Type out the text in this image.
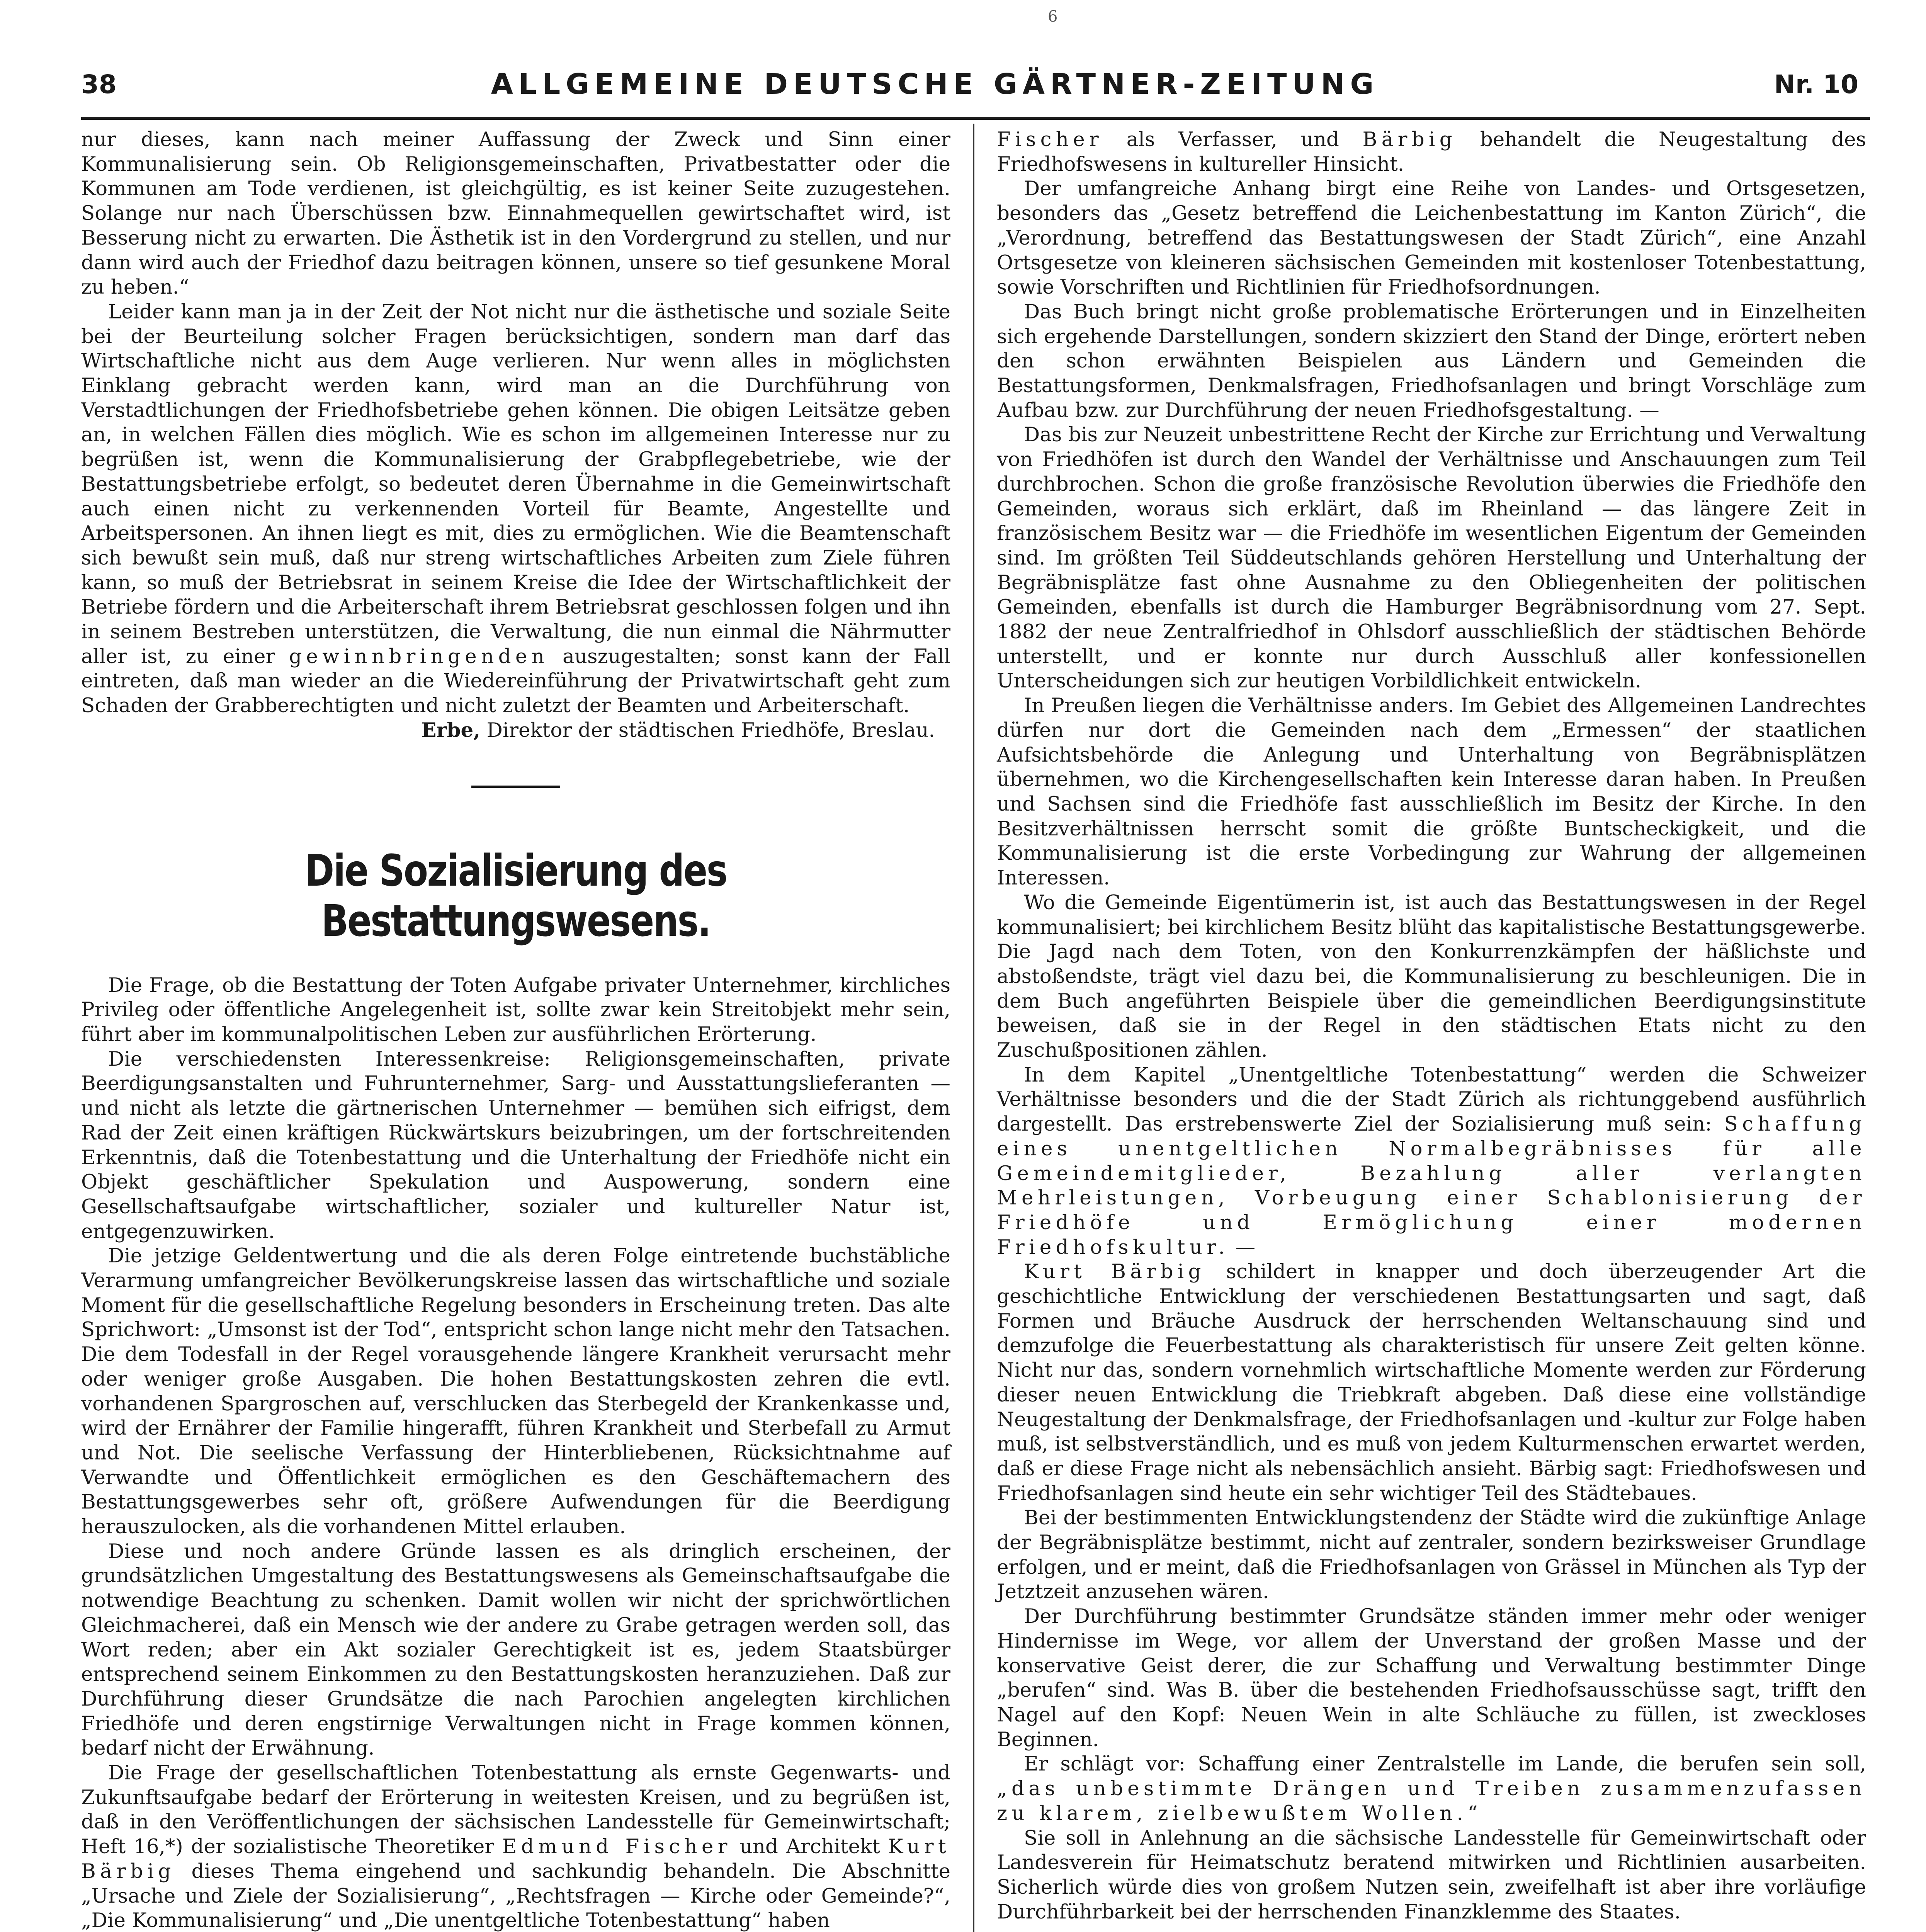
38	ALLGEMEINE DEUTSCHE GÄRTNER-ZEITUNG	Nr. 10

nur dieses, kann nach meiner Auffassung der Zweck und Sinn einer Kommunalisierung sein. Ob Religionsgemeinschaften, Privatbestatter oder die Kommunen am Tode verdienen, ist gleichgültig, es ist keiner Seite zuzugestehen. Solange nur nach Überschüssen bzw. Einnahmequellen gewirtschaftet wird, ist Besserung nicht zu erwarten. Die Ästhetik ist in den Vordergrund zu stellen, und nur dann wird auch der Friedhof dazu beitragen können, unsere so tief gesunkene Moral zu heben.“

Leider kann man ja in der Zeit der Not nicht nur die ästhetische und soziale Seite bei der Beurteilung solcher Fragen berücksichtigen, sondern man darf das Wirtschaftliche nicht aus dem Auge verlieren. Nur wenn alles in möglichsten Einklang gebracht werden kann, wird man an die Durchführung von Verstadtlichungen der Friedhofsbetriebe gehen können. Die obigen Leitsätze geben an, in welchen Fällen dies möglich. Wie es schon im allgemeinen Interesse nur zu begrüßen ist, wenn die Kommunalisierung der Grabpflegebetriebe, wie der Bestattungsbetriebe erfolgt, so bedeutet deren Übernahme in die Gemeinwirtschaft auch einen nicht zu verkennenden Vorteil für Beamte, Angestellte und Arbeitspersonen. An ihnen liegt es mit, dies zu ermöglichen. Wie die Beamtenschaft sich bewußt sein muß, daß nur streng wirtschaftliches Arbeiten zum Ziele führen kann, so muß der Betriebsrat in seinem Kreise die Idee der Wirtschaftlichkeit der Betriebe fördern und die Arbeiterschaft ihrem Betriebsrat geschlossen folgen und ihn in seinem Bestreben unterstützen, die Verwaltung, die nun einmal die Nährmutter aller ist, zu einer gewinnbringenden auszugestalten; sonst kann der Fall eintreten, daß man wieder an die Wiedereinführung der Privatwirtschaft geht zum Schaden der Grabberechtigten und nicht zuletzt der Beamten und Arbeiterschaft.

Erbe, Direktor der städtischen Friedhöfe, Breslau.

Die Sozialisierung des Bestattungswesens.

Die Frage, ob die Bestattung der Toten Aufgabe privater Unternehmer, kirchliches Privileg oder öffentliche Angelegenheit ist, sollte zwar kein Streitobjekt mehr sein, führt aber im kommunalpolitischen Leben zur ausführlichen Erörterung.

Die verschiedensten Interessenkreise: Religionsgemeinschaften, private Beerdigungsanstalten und Fuhrunternehmer, Sarg- und Ausstattungslieferanten — und nicht als letzte die gärtnerischen Unternehmer — bemühen sich eifrigst, dem Rad der Zeit einen kräftigen Rückwärtskurs beizubringen, um der fortschreitenden Erkenntnis, daß die Totenbestattung und die Unterhaltung der Friedhöfe nicht ein Objekt geschäftlicher Spekulation und Auspowerung, sondern eine Gesellschaftsaufgabe wirtschaftlicher, sozialer und kultureller Natur ist, entgegenzuwirken.

Die jetzige Geldentwertung und die als deren Folge eintretende buchstäbliche Verarmung umfangreicher Bevölkerungskreise lassen das wirtschaftliche und soziale Moment für die gesellschaftliche Regelung besonders in Erscheinung treten. Das alte Sprichwort: „Umsonst ist der Tod“, entspricht schon lange nicht mehr den Tatsachen. Die dem Todesfall in der Regel vorausgehende längere Krankheit verursacht mehr oder weniger große Ausgaben. Die hohen Bestattungskosten zehren die evtl. vorhandenen Spargroschen auf, verschlucken das Sterbegeld der Krankenkasse und, wird der Ernährer der Familie hingerafft, führen Krankheit und Sterbefall zu Armut und Not. Die seelische Verfassung der Hinterbliebenen, Rücksichtnahme auf Verwandte und Öffentlichkeit ermöglichen es den Geschäftemachern des Bestattungsgewerbes sehr oft, größere Aufwendungen für die Beerdigung herauszulocken, als die vorhandenen Mittel erlauben.

Diese und noch andere Gründe lassen es als dringlich erscheinen, der grundsätzlichen Umgestaltung des Bestattungswesens als Gemeinschaftsaufgabe die notwendige Beachtung zu schenken. Damit wollen wir nicht der sprichwörtlichen Gleichmacherei, daß ein Mensch wie der andere zu Grabe getragen werden soll, das Wort reden; aber ein Akt sozialer Gerechtigkeit ist es, jedem Staatsbürger entsprechend seinem Einkommen zu den Bestattungskosten heranzuziehen. Daß zur Durchführung dieser Grundsätze die nach Parochien angelegten kirchlichen Friedhöfe und deren engstirnige Verwaltungen nicht in Frage kommen können, bedarf nicht der Erwähnung.

Die Frage der gesellschaftlichen Totenbestattung als ernste Gegenwarts- und Zukunftsaufgabe bedarf der Erörterung in weitesten Kreisen, und zu begrüßen ist, daß in den Veröffentlichungen der sächsischen Landesstelle für Gemeinwirtschaft; Heft 16,*) der sozialistische Theoretiker Edmund Fischer und Architekt Kurt Bärbig dieses Thema eingehend und sachkundig behandeln. Die Abschnitte „Ursache und Ziele der Sozialisierung“, „Rechtsfragen — Kirche oder Gemeinde?“, „Die Kommunalisierung“ und „Die unentgeltliche Totenbestattung“ haben

Fischer als Verfasser, und Bärbig behandelt die Neugestaltung des Friedhofswesens in kultureller Hinsicht.

Der umfangreiche Anhang birgt eine Reihe von Landes- und Ortsgesetzen, besonders das „Gesetz betreffend die Leichenbestattung im Kanton Zürich“, die „Verordnung, betreffend das Bestattungswesen der Stadt Zürich“, eine Anzahl Ortsgesetze von kleineren sächsischen Gemeinden mit kostenloser Totenbestattung, sowie Vorschriften und Richtlinien für Friedhofsordnungen.

Das Buch bringt nicht große problematische Erörterungen und in Einzelheiten sich ergehende Darstellungen, sondern skizziert den Stand der Dinge, erörtert neben den schon erwähnten Beispielen aus Ländern und Gemeinden die Bestattungsformen, Denkmalsfragen, Friedhofsanlagen und bringt Vorschläge zum Aufbau bzw. zur Durchführung der neuen Friedhofsgestaltung. —

Das bis zur Neuzeit unbestrittene Recht der Kirche zur Errichtung und Verwaltung von Friedhöfen ist durch den Wandel der Verhältnisse und Anschauungen zum Teil durchbrochen. Schon die große französische Revolution überwies die Friedhöfe den Gemeinden, woraus sich erklärt, daß im Rheinland — das längere Zeit in französischem Besitz war — die Friedhöfe im wesentlichen Eigentum der Gemeinden sind. Im größten Teil Süddeutschlands gehören Herstellung und Unterhaltung der Begräbnisplätze fast ohne Ausnahme zu den Obliegenheiten der politischen Gemeinden, ebenfalls ist durch die Hamburger Begräbnisordnung vom 27. Sept. 1882 der neue Zentralfriedhof in Ohlsdorf ausschließlich der städtischen Behörde unterstellt, und er konnte nur durch Ausschluß aller konfessionellen Unterscheidungen sich zur heutigen Vorbildlichkeit entwickeln.

In Preußen liegen die Verhältnisse anders. Im Gebiet des Allgemeinen Landrechtes dürfen nur dort die Gemeinden nach dem „Ermessen“ der staatlichen Aufsichtsbehörde die Anlegung und Unterhaltung von Begräbnisplätzen übernehmen, wo die Kirchengesellschaften kein Interesse daran haben. In Preußen und Sachsen sind die Friedhöfe fast ausschließlich im Besitz der Kirche. In den Besitzverhältnissen herrscht somit die größte Buntscheckigkeit, und die Kommunalisierung ist die erste Vorbedingung zur Wahrung der allgemeinen Interessen.

Wo die Gemeinde Eigentümerin ist, ist auch das Bestattungswesen in der Regel kommunalisiert; bei kirchlichem Besitz blüht das kapitalistische Bestattungsgewerbe. Die Jagd nach dem Toten, von den Konkurrenzkämpfen der häßlichste und abstoßendste, trägt viel dazu bei, die Kommunalisierung zu beschleunigen. Die in dem Buch angeführten Beispiele über die gemeindlichen Beerdigungsinstitute beweisen, daß sie in der Regel in den städtischen Etats nicht zu den Zuschußpositionen zählen.

In dem Kapitel „Unentgeltliche Totenbestattung“ werden die Schweizer Verhältnisse besonders und die der Stadt Zürich als richtunggebend ausführlich dargestellt. Das erstrebenswerte Ziel der Sozialisierung muß sein: Schaffung eines unentgeltlichen Normalbegräbnisses für alle Gemeindemitglieder, Bezahlung aller verlangten Mehrleistungen, Vorbeugung einer Schablonisierung der Friedhöfe und Ermöglichung einer modernen Friedhofskultur. —

Kurt Bärbig schildert in knapper und doch überzeugender Art die geschichtliche Entwicklung der verschiedenen Bestattungsarten und sagt, daß Formen und Bräuche Ausdruck der herrschenden Weltanschauung sind und demzufolge die Feuerbestattung als charakteristisch für unsere Zeit gelten könne. Nicht nur das, sondern vornehmlich wirtschaftliche Momente werden zur Förderung dieser neuen Entwicklung die Triebkraft abgeben. Daß diese eine vollständige Neugestaltung der Denkmalsfrage, der Friedhofsanlagen und -kultur zur Folge haben muß, ist selbstverständlich, und es muß von jedem Kulturmenschen erwartet werden, daß er diese Frage nicht als nebensächlich ansieht. Bärbig sagt: Friedhofswesen und Friedhofsanlagen sind heute ein sehr wichtiger Teil des Städtebaues.

Bei der bestimmenten Entwicklungstendenz der Städte wird die zukünftige Anlage der Begräbnisplätze bestimmt, nicht auf zentraler, sondern bezirksweiser Grundlage erfolgen, und er meint, daß die Friedhofsanlagen von Grässel in München als Typ der Jetztzeit anzusehen wären.

Der Durchführung bestimmter Grundsätze ständen immer mehr oder weniger Hindernisse im Wege, vor allem der Unverstand der großen Masse und der konservative Geist derer, die zur Schaffung und Verwaltung bestimmter Dinge „berufen“ sind. Was B. über die bestehenden Friedhofsausschüsse sagt, trifft den Nagel auf den Kopf: Neuen Wein in alte Schläuche zu füllen, ist zweckloses Beginnen.

Er schlägt vor: Schaffung einer Zentralstelle im Lande, die berufen sein soll, „das unbestimmte Drängen und Treiben zusammenzufassen zu klarem, zielbewußtem Wollen.“

Sie soll in Anlehnung an die sächsische Landesstelle für Gemeinwirtschaft oder Landesverein für Heimatschutz beratend mitwirken und Richtlinien ausarbeiten. Sicherlich würde dies von großem Nutzen sein, zweifelhaft ist aber ihre vorläufige Durchführbarkeit bei der herrschenden Finanzklemme des Staates.

6
